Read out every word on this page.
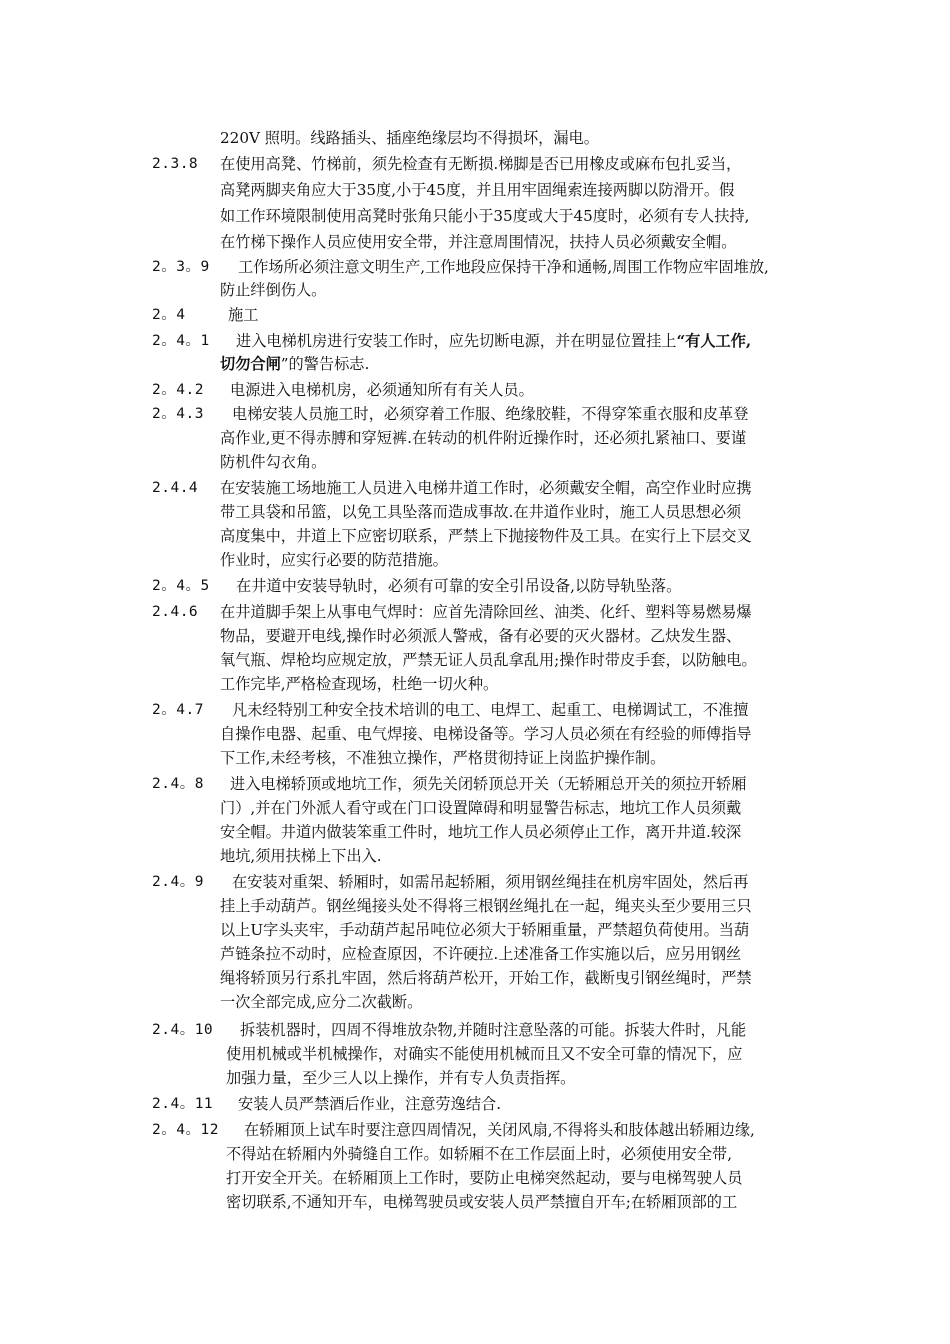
220V 照明。线路插头、插座绝缘层均不得损坏，漏电。
2.3.8 在使用高凳、竹梯前，须先检查有无断损.梯脚是否已用橡皮或麻布包扎妥当，
高凳两脚夹角应大于35度,小于45度，并且用牢固绳索连接两脚以防滑开。假
如工作环境限制使用高凳时张角只能小于35度或大于45度时，必须有专人扶持,
在竹梯下操作人员应使用安全带，并注意周围情况，扶持人员必须戴安全帽。
2。3。9 工作场所必须注意文明生产,工作地段应保持干净和通畅,周围工作物应牢固堆放,
防止绊倒伤人。
2。4	施工
2。4。1 进入电梯机房进行安装工作时，应先切断电源，并在明显位置挂上“有人工作,
切勿合闸”的警告标志.
2。4.2 电源进入电梯机房，必须通知所有有关人员。
2。4.3 电梯安装人员施工时，必须穿着工作服、绝缘胶鞋，不得穿笨重衣服和皮革登
高作业,更不得赤膊和穿短裤.在转动的机件附近操作时，还必须扎紧袖口、要谨
防机件勾衣角。
2.4.4 在安装施工场地施工人员进入电梯井道工作时，必须戴安全帽，高空作业时应携
带工具袋和吊篮，以免工具坠落而造成事故.在井道作业时，施工人员思想必须
高度集中，井道上下应密切联系，严禁上下抛接物件及工具。在实行上下层交叉
作业时，应实行必要的防范措施。
2。4。5 在井道中安装导轨时，必须有可靠的安全引吊设备,以防导轨坠落。
2.4.6 在井道脚手架上从事电气焊时：应首先清除回丝、油类、化纤、塑料等易燃易爆
物品，要避开电线,操作时必须派人警戒，备有必要的灭火器材。乙炔发生器、
氧气瓶、焊枪均应规定放，严禁无证人员乱拿乱用;操作时带皮手套，以防触电。
工作完毕,严格检查现场，杜绝一切火种。
2。4.7 凡未经特别工种安全技术培训的电工、电焊工、起重工、电梯调试工，不准擅
自操作电器、起重、电气焊接、电梯设备等。学习人员必须在有经验的师傅指导
下工作,未经考核，不准独立操作，严格贯彻持证上岗监护操作制。
2.4。8 进入电梯轿顶或地坑工作，须先关闭轿顶总开关（无轿厢总开关的须拉开轿厢
门）,并在门外派人看守或在门口设置障碍和明显警告标志，地坑工作人员须戴
安全帽。井道内做装笨重工件时，地坑工作人员必须停止工作，离开井道.较深
地坑,须用扶梯上下出入.
2.4。9 在安装对重架、轿厢时，如需吊起轿厢，须用钢丝绳挂在机房牢固处，然后再
挂上手动葫芦。钢丝绳接头处不得将三根钢丝绳扎在一起，绳夹头至少要用三只
以上U字头夹牢，手动葫芦起吊吨位必须大于轿厢重量，严禁超负荷使用。当葫
芦链条拉不动时，应检查原因，不许硬拉.上述准备工作实施以后，应另用钢丝
绳将轿顶另行系扎牢固，然后将葫芦松开，开始工作，截断曳引钢丝绳时，严禁
一次全部完成,应分二次截断。
2.4。10 拆装机器时，四周不得堆放杂物,并随时注意坠落的可能。拆装大件时，凡能
使用机械或半机械操作，对确实不能使用机械而且又不安全可靠的情况下，应
加强力量，至少三人以上操作，并有专人负责指挥。
2.4。11 安装人员严禁酒后作业，注意劳逸结合.
2。4。12 在轿厢顶上试车时要注意四周情况，关闭风扇,不得将头和肢体越出轿厢边缘,
不得站在轿厢内外骑缝自工作。如轿厢不在工作层面上时，必须使用安全带,
打开安全开关。在轿厢顶上工作时，要防止电梯突然起动，要与电梯驾驶人员
密切联系,不通知开车，电梯驾驶员或安装人员严禁擅自开车;在轿厢顶部的工
